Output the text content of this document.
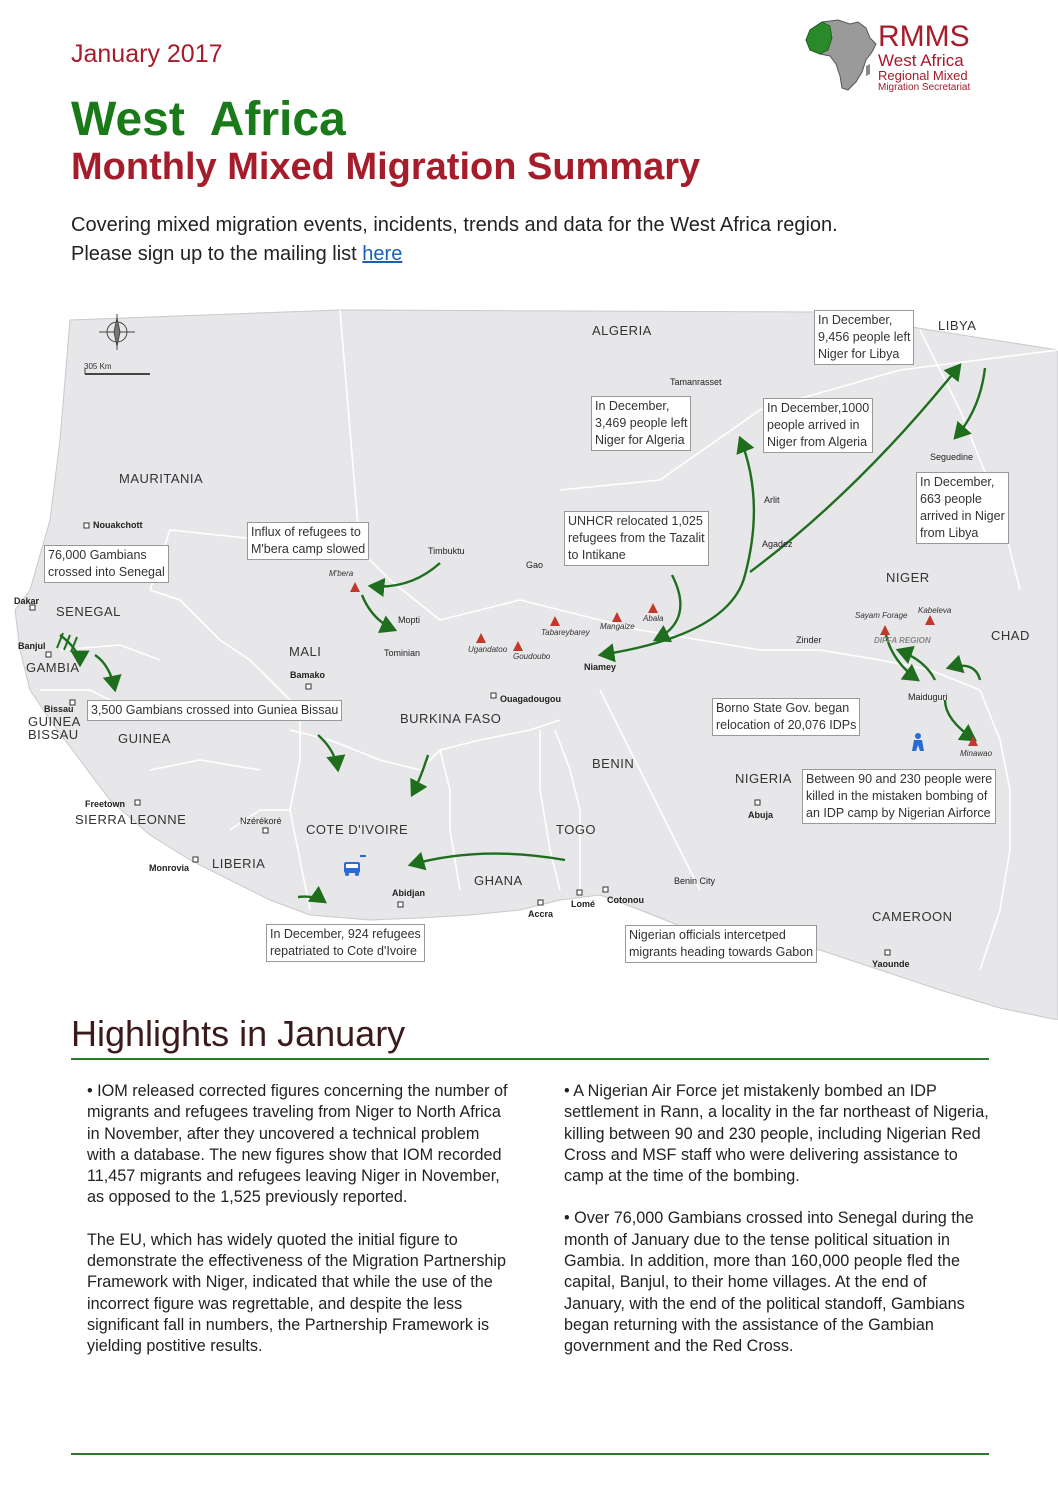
January 2017
West  Africa
Monthly Mixed Migration Summary
Covering mixed migration events, incidents, trends and data for the West Africa region.
Please sign up to the mailing list here
RMMS
West Africa
Regional Mixed
Migration Secretariat
305 Km
ALGERIA	LIBYA
MAURITANIA
SENEGAL
GAMBIA
GUINEA
BISSAU	GUINEA
MALI
BURKINA FASO
NIGER
CHAD
BENIN
TOGO
NIGERIA
SIERRA LEONNE
LIBERIA
COTE D'IVOIRE
GHANA
CAMEROON
Tamanrasset
Nouakchott
Dakar
Banjul
Bissau
Timbuktu
Gao
Mopti
Tominian
Bamako
Ouagadougou
Niamey
Arlit
Agadez
Seguedine
Zinder
Maiduguri
Abuja
Freetown
Monrovia
Nzérékoré
Abidjan
Accra
Lomé Cotonou
Benin City
Yaounde
M'bera
Tabareybarey
Mangaize
Abala
Ugandatoo
Goudoubo
Sayam Forage
Kabeleva
DIFFA REGION
Minawao
In December,
9,456 people left
Niger for Libya
In December,
3,469 people left
Niger for Algeria
In December,1000
people arrived in
Niger from Algeria
In December,
663 people
arrived in Niger
from Libya
UNHCR relocated 1,025
refugees from the Tazalit
to Intikane
Influx of refugees to
M'bera camp slowed
76,000 Gambians
crossed into Senegal
3,500 Gambians crossed into Guniea Bissau	Borno State Gov. began
relocation of 20,076 IDPs
Between 90 and 230 people were
killed in the mistaken bombing of
an IDP camp by Nigerian Airforce
In December, 924 refugees
repatriated to Cote d'Ivoire
Nigerian officials intercetped
migrants heading towards Gabon
Highlights in January

• IOM released corrected figures concerning the number of migrants and refugees traveling from Niger to North Africa in November, after they uncovered a technical problem with a database. The new figures show that IOM recorded 11,457 migrants and refugees leaving Niger in November, as opposed to the 1,525 previously reported.

The EU, which has widely quoted the initial figure to demonstrate the effectiveness of the Migration Partnership Framework with Niger, indicated that while the use of the incorrect figure was regrettable, and despite the less significant fall in numbers, the Partnership Framework is yielding postitive results.

• A Nigerian Air Force jet mistakenly bombed an IDP settlement in Rann, a locality in the far northeast of Nigeria, killing between 90 and 230 people, including Nigerian Red Cross and MSF staff who were delivering assistance to camp at the time of the bombing.

• Over 76,000 Gambians crossed into Senegal during the month of January due to the tense political situation in Gambia. In addition, more than 160,000 people fled the capital, Banjul, to their home villages. At the end of January, with the end of the political standoff, Gambians began returning with the assistance of the Gambian government and the Red Cross.
